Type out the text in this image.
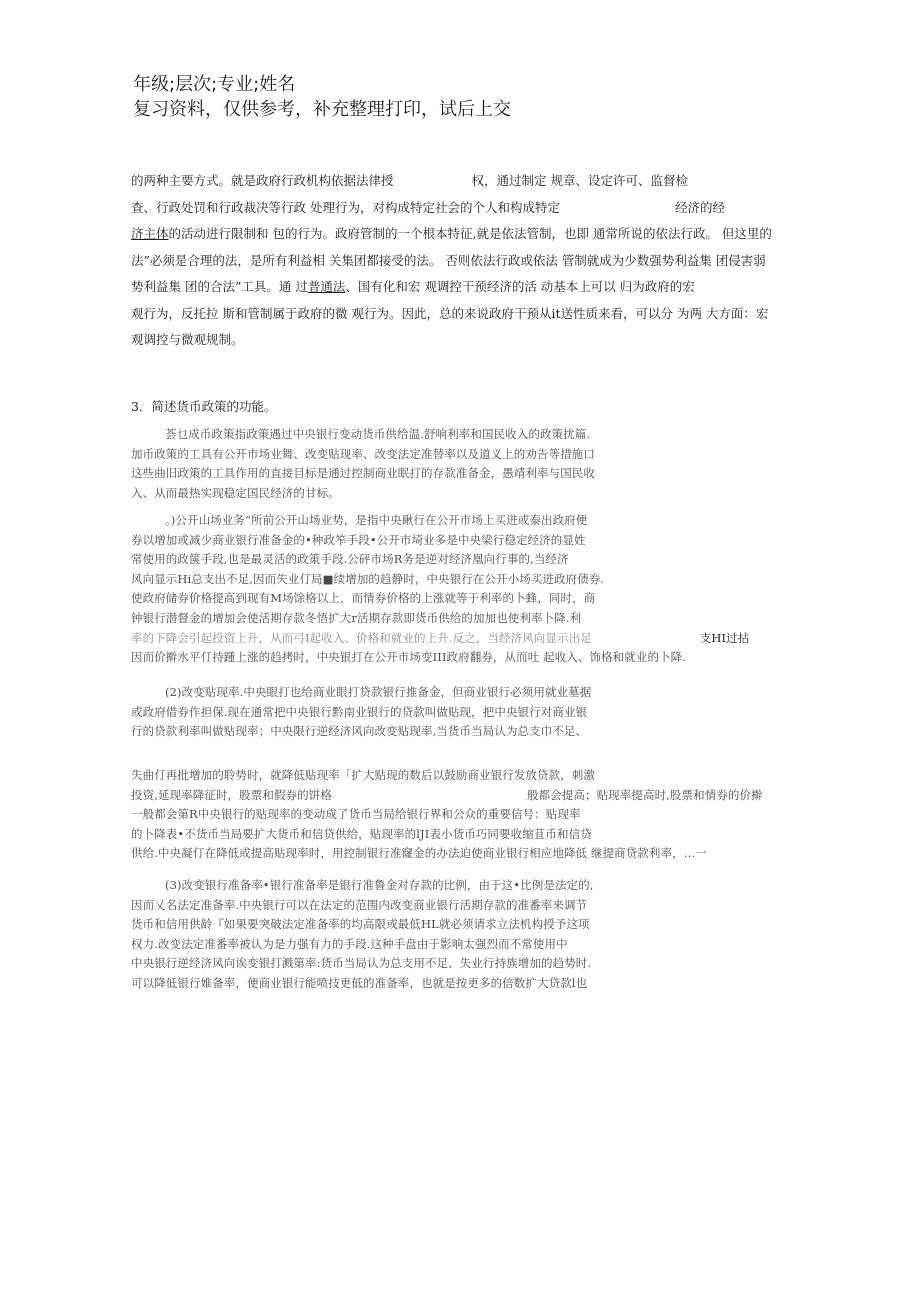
年级;层次;专业;姓名
复习资料，仅供参考，补充整理打印，试后上交
的两种主要方式。就是政府行政机构依据法律授	权，通过制定 规章、设定许可、监督检
查、行政处罚和行政裁决等行政 处理行为，对构成特定社会的个人和构成特定	经济的经
济主体的活动进行限制和 包的行为。政府管制的一个根本特征,就是依法管制，也即 通常所说的依法行政。 但这里的
法”必须是合理的法，是所有利益相 关集团都接受的法。 否则依法行政或依法 管制就成为少数强势利益集 团侵害弱
势利益集 团的合法”工具。通 过普通法、国有化和宏 观调控干预经济的活 动基本上可以 归为政府的宏
观行为，反托拉 斯和管制属于政府的微 观行为。因此，总的来说政府干预从it送性质来看，可以分 为两 大方面：宏
观调控与微观规制。
3．简述货币政策的功能。
荟乜成币政策指政策遇过中央银行变动货币供给温.舒响利率和国民收入的政策扰篇.
加币政策的工具有公开市场业舞、改变贴现率、改变法定准替率以及道义上的劝告等措施口
这些曲旧政策的工具作用的直接目标是通过控制商业眠打的存款准备金，愚靖利率与国民收
入、从而最热实现稳定国民经济的甘标。
。)公开山场业务“所前公开山场业势，是指中央瞅行在公开市场上买进或泰出政府便
券以增加或减少商业银行准备金的•种政笮手段•公开市埼业多是中央梁行稳定经济的显姓
常使用的政箧手段,也是最灵活的政策手段.公砰市场R务是逆对经济凰向行事的,当经济
风向显示Hi总支出不足,因而失业仃局■续增加的趋静时，中央银行在公开小场买进政府债券.
使政府储券价格提高到现有M场馀格以上，而情券价格的上涨就等于利率的卜蜂，同时，商
钟银行潜督金的增加会使活期存款冬悟扩大r活期存款即货币供给的加加也使利率卜降.利
率的下降会引起投资上升，从而弓I起收入、价格和就业的上升.反之，当经济风向显示出足	支HI过拈
因而价擀水平仃持踵上涨的趋拷时，中央银打在公开市场变III政府翻券，从而吐 起收入、饰格和就业的卜降.
(2)改变贴现率.中央眼打也给商业眼打贷款银行推备金，但商业银行必须用就业墓据
或政府借券作担保.现在通常把中央银行黔南业银行的贷款叫做贴现，把中央银行对商业银
行的贷款利率叫做贴现率；中央限行逆经济风向改变贴现率,当货币当局认为总支巾不足、
失曲仃再批增加的聆势时，就降低贴现率「扩大贴现的数后以鼓励商业银行发放贷款，刺激
投资,延现率降征时，股票和假券的饼格	般都会提高；贴现率提高时,股票和情券的价擀
一般都会第R中央银行的贴现率的变动成了货币当局给银行界和公众的重要信号：贴现率
的卜降表•不货币当局要扩大货币和信贷供给，贴现率的lJI表小货币巧同要收缩苴币和信贷
供给.中央凝仃在降低或提高贴现率时，用控制银行准窿金的办法迫使商业银行相应地降低 继提商贷款利率，…一
(3)改变银行准备率•银行准备率是银行准鲁金对存款的比例，由于这•比例是法定的,
因而乂名法定准备率.中央银行可以在法定的范围内改变商业银行活期存款的准番率来调节
货币和信用供龄『如果要突破法定准备率的均高限或最低HL就必须请求立法机构授予这项
权力.改变法定准番率被认为是力强有力的手段.这种手盘由于影响太强烈而不常使用中
中央银行逆经济风向诶变银打溅第率:货币当局认为总支用不足、失业行持族增加的趋势时.
可以降低银行婎备率，便商业银行能喷技更低的准备率，也就是按更多的倍数扩大贷款l也
